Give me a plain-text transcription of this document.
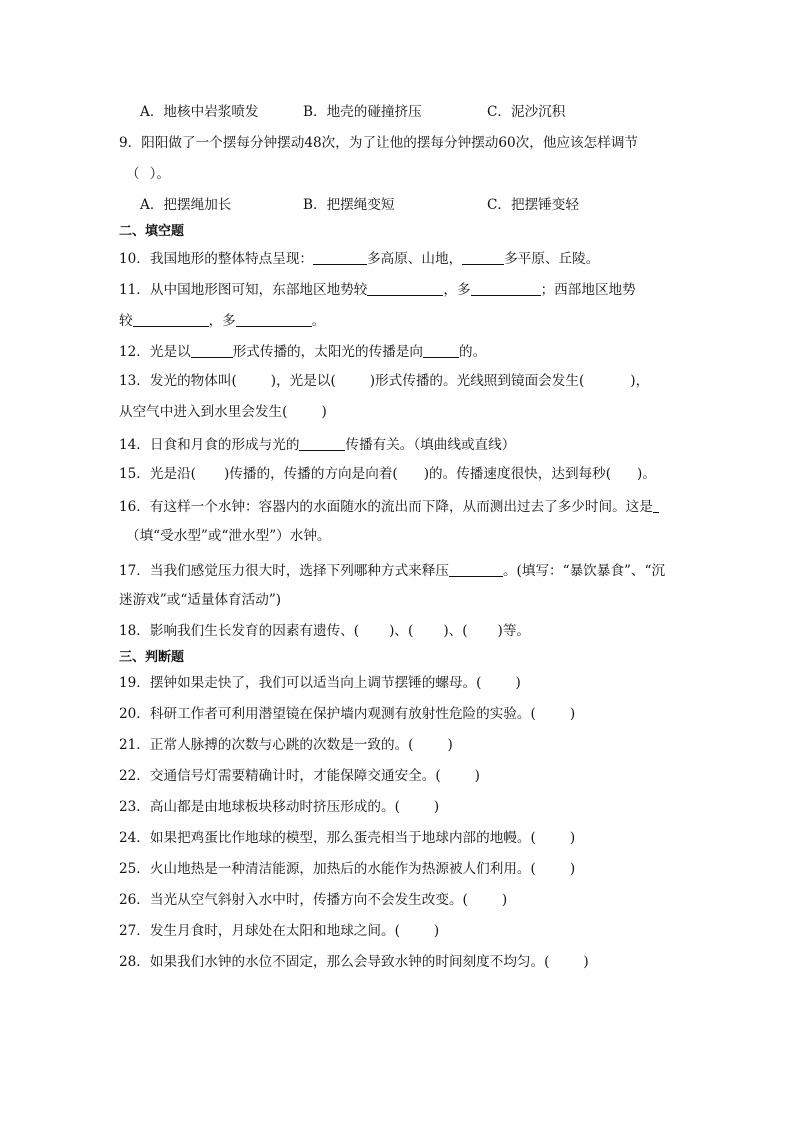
A．地核中岩浆喷发	B．地壳的碰撞挤压	C．泥沙沉积
9．阳阳做了一个摆每分钟摆动48次，为了让他的摆每分钟摆动60次，他应该怎样调节
（ ）。
A．把摆绳加长	B．把摆绳变短	C．把摆锤变轻
二、填空题
10．我国地形的整体特点呈现：	多高原、山地，	多平原、丘陵。
11．从中国地形图可知，东部地区地势较	，多	；西部地区地势
较	，多	。
12．光是以	形式传播的，太阳光的传播是向	的。
13．发光的物体叫(	)，光是以(	)形式传播的。光线照到镜面会发生(	)，
从空气中进入到水里会发生(	)
14．日食和月食的形成与光的	传播有关。（填曲线或直线）
15．光是沿( )传播的，传播的方向是向着( )的。传播速度很快，达到每秒( )。
16．有这样一个水钟：容器内的水面随水的流出而下降，从而测出过去了多少时间。这是
（填“受水型”或“泄水型”）水钟。
17．当我们感觉压力很大时，选择下列哪种方式来释压	。(填写：“暴饮暴食”、“沉
迷游戏”或“适量体育活动”)
18．影响我们生长发育的因素有遗传、( )、( )、( )等。
三、判断题
19．摆钟如果走快了，我们可以适当向上调节摆锤的螺母。(	)
20．科研工作者可利用潜望镜在保护墙内观测有放射性危险的实验。(	)
21．正常人脉搏的次数与心跳的次数是一致的。(	)
22．交通信号灯需要精确计时，才能保障交通安全。(	)
23．高山都是由地球板块移动时挤压形成的。(	)
24．如果把鸡蛋比作地球的模型，那么蛋壳相当于地球内部的地幔。(	)
25．火山地热是一种清洁能源，加热后的水能作为热源被人们利用。(	)
26．当光从空气斜射入水中时，传播方向不会发生改变。(	)
27．发生月食时，月球处在太阳和地球之间。(	)
28．如果我们水钟的水位不固定，那么会导致水钟的时间刻度不均匀。(	)
